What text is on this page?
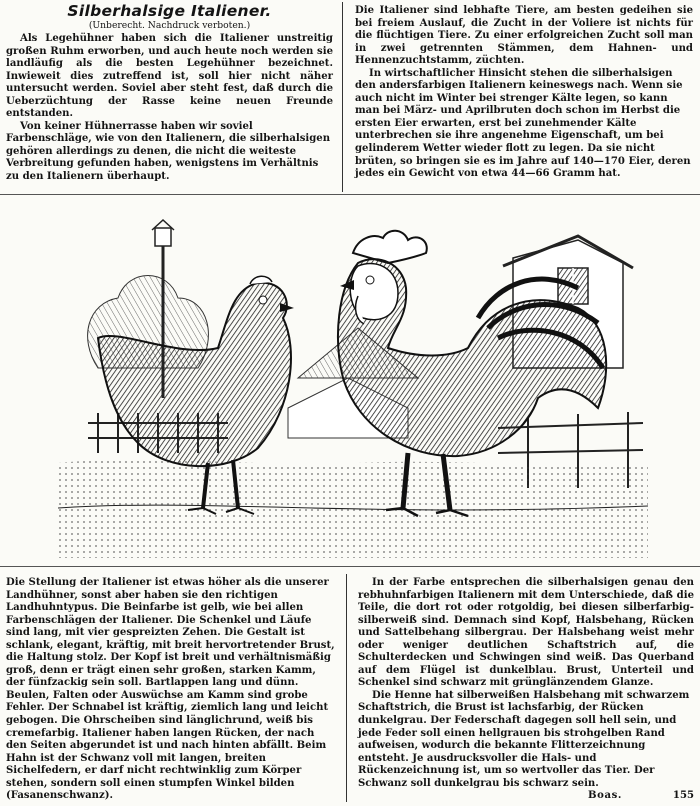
Silberhalsige Italiener.
(Unberecht. Nachdruck verboten.)

Als Legehühner haben sich die Italiener unstreitig großen Ruhm erworben, und auch heute noch werden sie landläufig als die besten Legehühner bezeichnet. Inwieweit dies zutreffend ist, soll hier nicht näher untersucht werden. Soviel aber steht fest, daß durch die Ueberzüchtung der Rasse keine neuen Freunde entstanden.

Von keiner Hühnerrasse haben wir soviel Farbenschläge, wie von den Italienern, die silberhalsigen gehören allerdings zu denen, die nicht die weiteste Verbreitung gefunden haben, wenigstens im Verhältnis zu den Italienern überhaupt.

Die Italiener sind lebhafte Tiere, am besten gedeihen sie bei freiem Auslauf, die Zucht in der Voliere ist nichts für die flüchtigen Tiere. Zu einer erfolgreichen Zucht soll man in zwei getrennten Stämmen, dem Hahnen- und Hennenzuchtstamm, züchten.

In wirtschaftlicher Hinsicht stehen die silberhalsigen den andersfarbigen Italienern keineswegs nach. Wenn sie auch nicht im Winter bei strenger Kälte legen, so kann man bei März- und Aprilbruten doch schon im Herbst die ersten Eier erwarten, erst bei zunehmender Kälte unterbrechen sie ihre angenehme Eigenschaft, um bei gelinderem Wetter wieder flott zu legen. Da sie nicht brüten, so bringen sie es im Jahre auf 140—170 Eier, deren jedes ein Gewicht von etwa 44—66 Gramm hat.

Die Stellung der Italiener ist etwas höher als die unserer Landhühner, sonst aber haben sie den richtigen Landhuhntypus. Die Beinfarbe ist gelb, wie bei allen Farbenschlägen der Italiener. Die Schenkel und Läufe sind lang, mit vier gespreizten Zehen. Die Gestalt ist schlank, elegant, kräftig, mit breit hervortretender Brust, die Haltung stolz. Der Kopf ist breit und verhältnismäßig groß, denn er trägt einen sehr großen, starken Kamm, der fünfzackig sein soll. Bartlappen lang und dünn. Beulen, Falten oder Auswüchse am Kamm sind grobe Fehler. Der Schnabel ist kräftig, ziemlich lang und leicht gebogen. Die Ohrscheiben sind länglichrund, weiß bis cremefarbig. Italiener haben langen Rücken, der nach den Seiten abgerundet ist und nach hinten abfällt. Beim Hahn ist der Schwanz voll mit langen, breiten Sichelfedern, er darf nicht rechtwinklig zum Körper stehen, sondern soll einen stumpfen Winkel bilden (Fasanenschwanz).

In der Farbe entsprechen die silberhalsigen genau den rebhuhnfarbigen Italienern mit dem Unterschiede, daß die Teile, die dort rot oder rotgoldig, bei diesen silberfarbig-silberweiß sind. Demnach sind Kopf, Halsbehang, Rücken und Sattelbehang silbergrau. Der Halsbehang weist mehr oder weniger deutlichen Schaftstrich auf, die Schulterdecken und Schwingen sind weiß. Das Querband auf dem Flügel ist dunkelblau. Brust, Unterteil und Schenkel sind schwarz mit grünglänzendem Glanze.

Die Henne hat silberweißen Halsbehang mit schwarzem Schaftstrich, die Brust ist lachsfarbig, der Rücken dunkelgrau. Der Federschaft dagegen soll hell sein, und jede Feder soll einen hellgrauen bis strohgelben Rand aufweisen, wodurch die bekannte Flitterzeichnung entsteht. Je ausdrucksvoller die Hals- und Rückenzeichnung ist, um so wertvoller das Tier. Der Schwanz soll dunkelgrau bis schwarz sein.

Boas.	155
